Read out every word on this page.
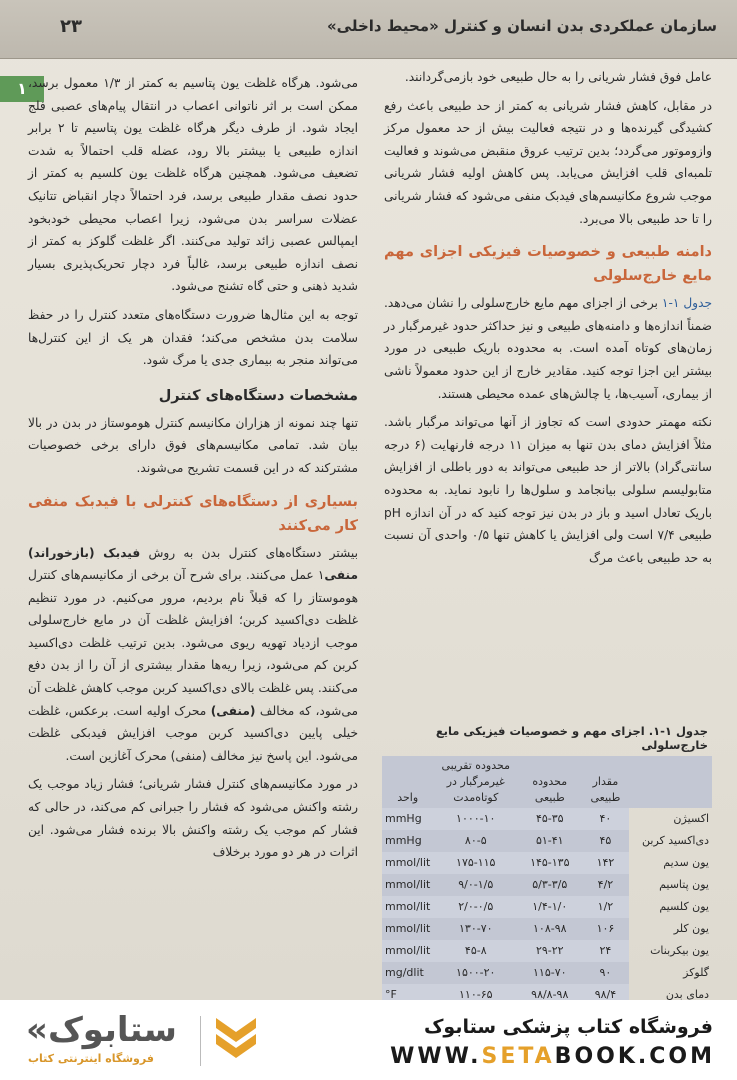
سازمان عملکردی بدن انسان و کنترل «محیط داخلی»
۲۳
۱

عامل فوق فشار شریانی را به حال طبیعی خود بازمی‌گردانند.

در مقابل، کاهش فشار شریانی به کمتر از حد طبیعی باعث رفع کشیدگی گیرنده‌ها و در نتیجه فعالیت بیش از حد معمول مرکز وازوموتور می‌گردد؛ بدین ترتیب عروق منقبض می‌شوند و فعالیت تلمبه‌ای قلب افزایش می‌یابد. پس کاهش اولیه فشار شریانی موجب شروع مکانیسم‌های فیدبک منفی می‌شود که فشار شریانی را تا حد طبیعی بالا می‌برد.

دامنه طبیعی و خصوصیات فیزیکی اجزای مهم مایع خارج‌سلولی

جدول ۱-۱ برخی از اجزای مهم مایع خارج‌سلولی را نشان می‌دهد. ضمناً اندازه‌ها و دامنه‌های طبیعی و نیز حداکثر حدود غیرمرگبار در زمان‌های کوتاه آمده است. به محدوده باریک طبیعی در مورد بیشتر این اجزا توجه کنید. مقادیر خارج از این حدود معمولاً ناشی از بیماری، آسیب‌ها، یا چالش‌های عمده محیطی هستند.

نکته مهمتر حدودی است که تجاوز از آنها می‌تواند مرگبار باشد. مثلاً افزایش دمای بدن تنها به میزان ۱۱ درجه فارنهایت (۶ درجه سانتی‌گراد) بالاتر از حد طبیعی می‌تواند به دور باطلی از افزایش متابولیسم سلولی بیانجامد و سلول‌ها را نابود نماید. به محدوده باریک تعادل اسید و باز در بدن نیز توجه کنید که در آن اندازه pH طبیعی ۷/۴ است ولی افزایش یا کاهش تنها ۰/۵ واحدی آن نسبت به حد طبیعی باعث مرگ

می‌شود. هرگاه غلظت یون پتاسیم به کمتر از ۱/۳ معمول برسد، ممکن است بر اثر ناتوانی اعصاب در انتقال پیام‌های عصبی فلج ایجاد شود. از طرف دیگر هرگاه غلظت یون پتاسیم تا ۲ برابر اندازه طبیعی یا بیشتر بالا رود، عضله قلب احتمالاً به شدت تضعیف می‌شود. همچنین هرگاه غلظت یون کلسیم به کمتر از حدود نصف مقدار طبیعی برسد، فرد احتمالاً دچار انقباض تتانیک عضلات سراسر بدن می‌شود، زیرا اعصاب محیطی خودبخود ایمپالس عصبی زائد تولید می‌کنند. اگر غلظت گلوکز به کمتر از نصف اندازه طبیعی برسد، غالباً فرد دچار تحریک‌پذیری بسیار شدید ذهنی و حتی گاه تشنج می‌شود.

توجه به این مثال‌ها ضرورت دستگاه‌های متعدد کنترل را در حفظ سلامت بدن مشخص می‌کند؛ فقدان هر یک از این کنترل‌ها می‌تواند منجر به بیماری جدی یا مرگ شود.

مشخصات دستگاه‌های کنترل

تنها چند نمونه از هزاران مکانیسم کنترل هوموستاز در بدن در بالا بیان شد. تمامی مکانیسم‌های فوق دارای برخی خصوصیات مشترکند که در این قسمت تشریح می‌شوند.

بسیاری از دستگاه‌های کنترلی با فیدبک منفی کار می‌کنند

بیشتر دستگاه‌های کنترل بدن به روش فیدبک (بازخوراند) منفی۱ عمل می‌کنند. برای شرح آن برخی از مکانیسم‌های کنترل هوموستاز را که قبلاً نام بردیم، مرور می‌کنیم. در مورد تنظیم غلظت دی‌اکسید کربن؛ افزایش غلظت آن در مایع خارج‌سلولی موجب ازدیاد تهویه ریوی می‌شود. بدین ترتیب غلظت دی‌اکسید کربن کم می‌شود، زیرا ریه‌ها مقدار بیشتری از آن را از بدن دفع می‌کنند. پس غلظت بالای دی‌اکسید کربن موجب کاهش غلظت آن می‌شود، که مخالف (منفی) محرک اولیه است. برعکس، غلظت خیلی پایین دی‌اکسید کربن موجب افزایش فیدبکی غلظت می‌شود. این پاسخ نیز مخالف (منفی) محرک آغازین است.

در مورد مکانیسم‌های کنترل فشار شریانی؛ فشار زیاد موجب یک رشته واکنش می‌شود که فشار را جبرانی کم می‌کند، در حالی که فشار کم موجب یک رشته واکنش بالا برنده فشار می‌شود. این اثرات در هر دو مورد برخلاف

جدول ۱-۱. اجزای مهم و خصوصیات فیزیکی مایع خارج‌سلولی
	مقدار طبیعی	محدوده طبیعی	محدوده تقریبی غیرمرگبار در کوتاه‌مدت	واحد
اکسیژن	۴۰	۴۵-۳۵	۱۰۰۰-۱۰	mmHg
دی‌اکسید کربن	۴۵	۵۱-۴۱	۸۰-۵	mmHg
یون سدیم	۱۴۲	۱۴۵-۱۳۵	۱۷۵-۱۱۵	mmol/lit
یون پتاسیم	۴/۲	۵/۳-۳/۵	۹/۰-۱/۵	mmol/lit
یون کلسیم	۱/۲	۱/۴-۱/۰	۲/۰-۰/۵	mmol/lit
یون کلر	۱۰۶	۱۰۸-۹۸	۱۳۰-۷۰	mmol/lit
یون بیکربنات	۲۴	۲۹-۲۲	۴۵-۸	mmol/lit
گلوکز	۹۰	۱۱۵-۷۰	۱۵۰۰-۲۰	mg/dlit
دمای بدن	۹۸/۴	۹۸/۸-۹۸	۱۱۰-۶۵	°F
«ستابوک
فروشگاه اینترنتی کتاب
فروشگاه کتاب پزشکی ستابوک
WWW.SETABOOK.COM
